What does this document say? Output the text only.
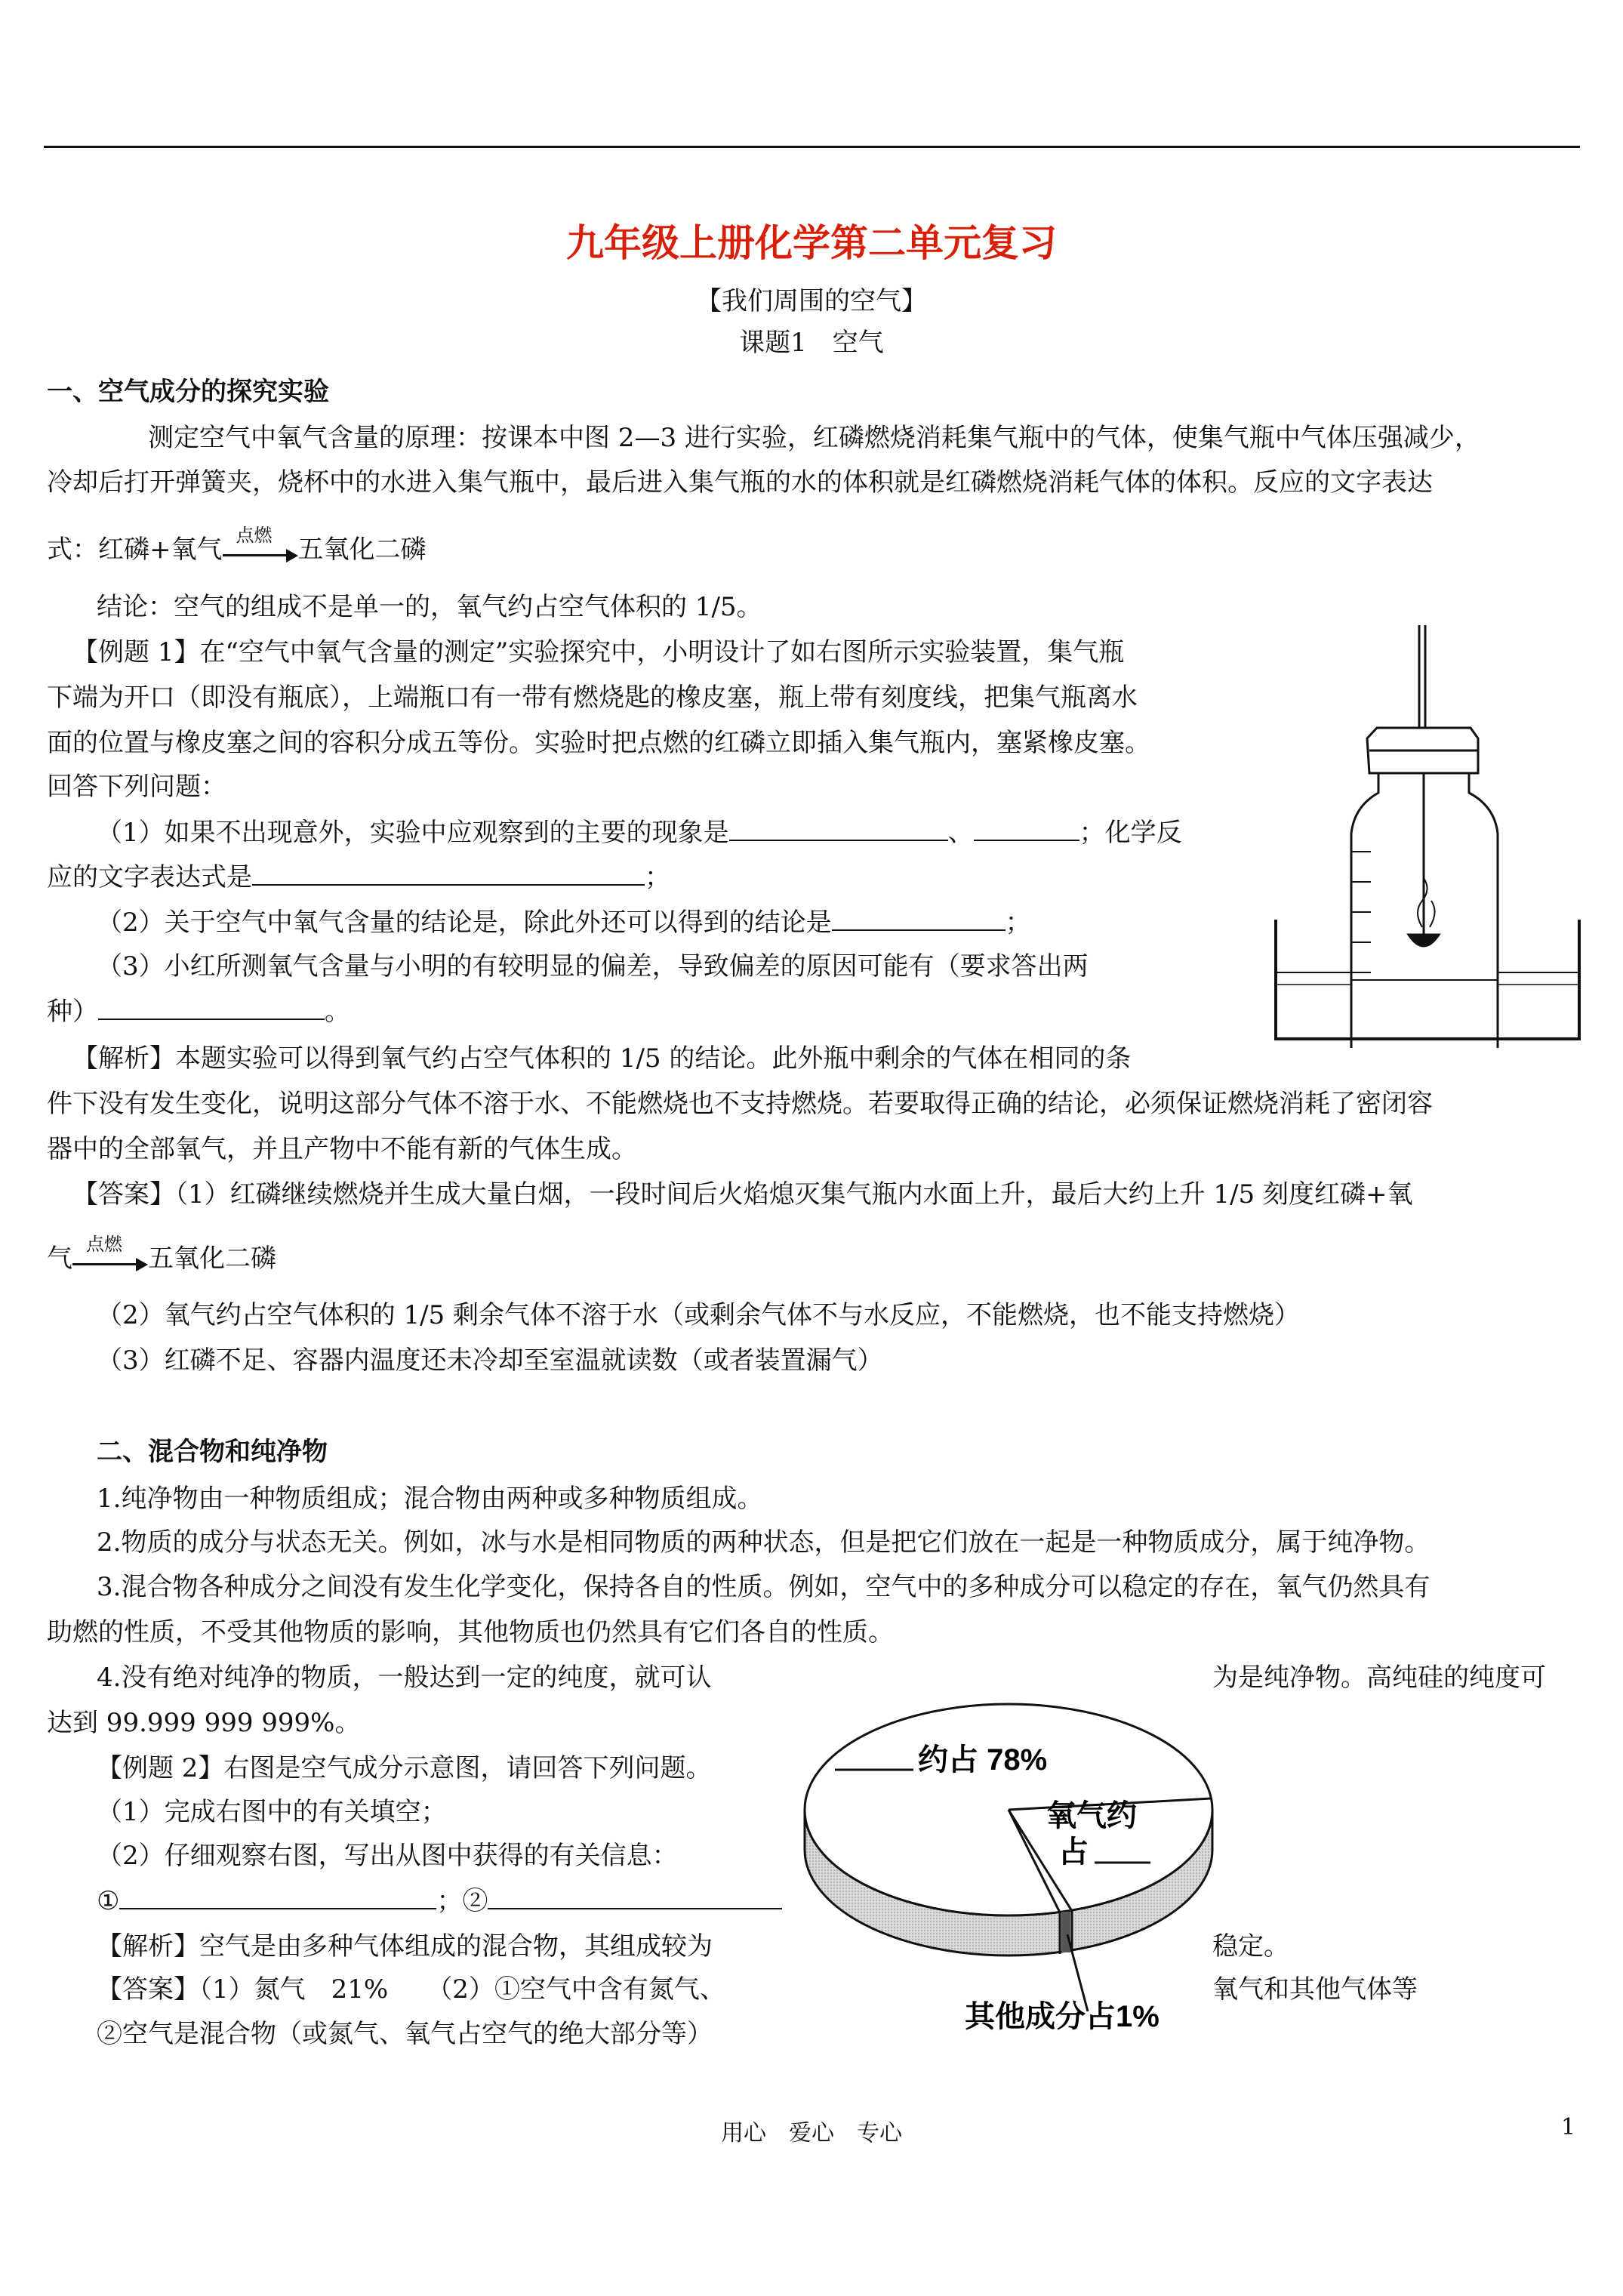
九年级上册化学第二单元复习
【我们周围的空气】
课题1　空气
一、空气成分的探究实验
测定空气中氧气含量的原理：按课本中图 2—3 进行实验，红磷燃烧消耗集气瓶中的气体，使集气瓶中气体压强减少，
冷却后打开弹簧夹，烧杯中的水进入集气瓶中，最后进入集气瓶的水的体积就是红磷燃烧消耗气体的体积。反应的文字表达
式：红磷+氧气 点燃 五氧化二磷
结论：空气的组成不是单一的，氧气约占空气体积的 1/5。
【例题 1】在“空气中氧气含量的测定”实验探究中，小明设计了如右图所示实验装置，集气瓶
下端为开口（即没有瓶底），上端瓶口有一带有燃烧匙的橡皮塞，瓶上带有刻度线，把集气瓶离水
面的位置与橡皮塞之间的容积分成五等份。实验时把点燃的红磷立即插入集气瓶内，塞紧橡皮塞。
回答下列问题：
（1）如果不出现意外，实验中应观察到的主要的现象是	、	；化学反
应的文字表达式是	；
（2）关于空气中氧气含量的结论是，除此外还可以得到的结论是	；
（3）小红所测氧气含量与小明的有较明显的偏差，导致偏差的原因可能有（要求答出两
种）	。
【解析】本题实验可以得到氧气约占空气体积的 1/5 的结论。此外瓶中剩余的气体在相同的条
件下没有发生变化，说明这部分气体不溶于水、不能燃烧也不支持燃烧。若要取得正确的结论，必须保证燃烧消耗了密闭容
器中的全部氧气，并且产物中不能有新的气体生成。
【答案】（1）红磷继续燃烧并生成大量白烟，一段时间后火焰熄灭集气瓶内水面上升，最后大约上升 1/5 刻度红磷+氧
气 点燃 五氧化二磷
（2）氧气约占空气体积的 1/5 剩余气体不溶于水（或剩余气体不与水反应，不能燃烧，也不能支持燃烧）
（3）红磷不足、容器内温度还未冷却至室温就读数（或者装置漏气）
二、混合物和纯净物
1.纯净物由一种物质组成；混合物由两种或多种物质组成。
2.物质的成分与状态无关。例如，冰与水是相同物质的两种状态，但是把它们放在一起是一种物质成分，属于纯净物。
3.混合物各种成分之间没有发生化学变化，保持各自的性质。例如，空气中的多种成分可以稳定的存在，氧气仍然具有
助燃的性质，不受其他物质的影响，其他物质也仍然具有它们各自的性质。
4.没有绝对纯净的物质，一般达到一定的纯度，就可认	为是纯净物。高纯硅的纯度可
达到 99.999 999 999%。
【例题 2】右图是空气成分示意图，请回答下列问题。
（1）完成右图中的有关填空；
（2）仔细观察右图，写出从图中获得的有关信息：
①	；②
【解析】空气是由多种气体组成的混合物，其组成较为	稳定。
【答案】（1）氮气　21%　　（2）①空气中含有氮气、	氧气和其他气体等
②空气是混合物（或氮气、氧气占空气的绝大部分等）
约占 78%
氧气约
占
其他成分占1%
用心　爱心　专心	1
